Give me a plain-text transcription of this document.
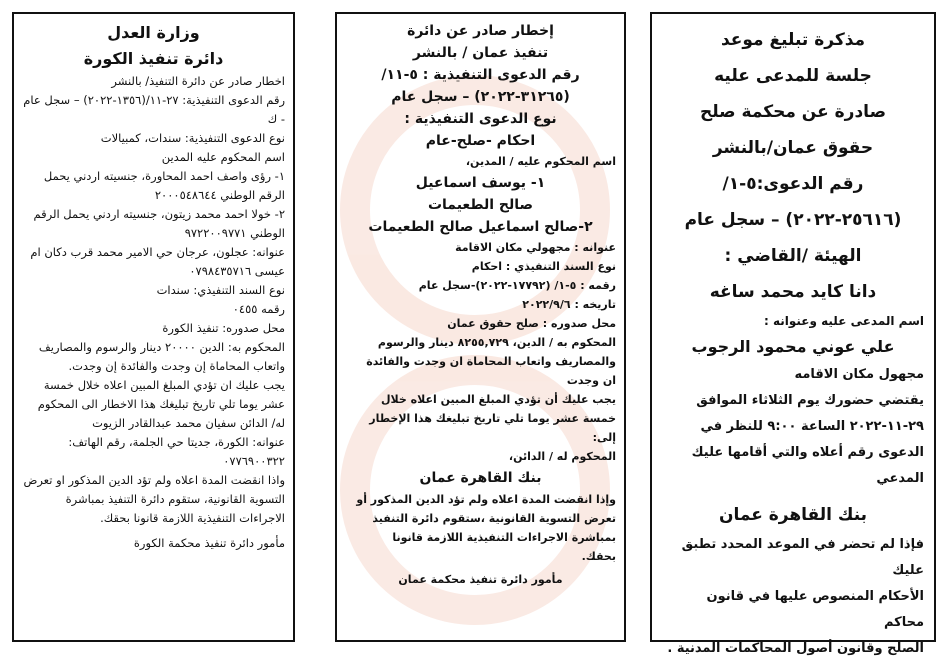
مذكرة تبليغ موعد
جلسة للمدعى عليه
صادرة عن محكمة صلح
حقوق عمان/بالنشر
رقم الدعوى:٥-١/
(٢٥٦١٦-٢٠٢٢) – سجل عام
الهيئة /القاضي :
دانا كايد محمد ساغه
اسم المدعى عليه وعنوانه :
علي عوني محمود الرجوب
مجهول مكان الاقامه
يقتضي حضورك يوم الثلاثاء الموافق
٢٩-١١-٢٠٢٢ الساعة ٩:٠٠ للنظر في
الدعوى رقم أعلاه والتي أقامها عليك
المدعي
بنك القاهرة عمان
فإذا لم تحضر في الموعد المحدد تطبق عليك
الأحكام المنصوص عليها في قانون محاكم
الصلح وقانون أصول المحاكمات المدنية .
إخطار صادر عن دائرة
تنفيذ عمان / بالنشر
رقم الدعوى التنفيذية : ٥-١١/
(٣١٢٦٥-٢٠٢٢) – سجل عام
نوع الدعوى التنفيذية :
احكام -صلح-عام
اسم المحكوم عليه / المدين،
١- يوسف اسماعيل
صالح الطعيمات
٢-صالح اسماعيل صالح الطعيمات
عنوانه : مجهولي مكان الاقامة
نوع السند التنفيذي : احكام
رقمه : ٥-١/ (١٧٧٩٢-٢٠٢٢)-سجل عام
تاريخه : ٢٠٢٢/٩/٦
محل صدوره : صلح حقوق عمان
المحكوم به / الدين، ٨٢٥٥,٧٢٩ دينار والرسوم
والمصاريف واتعاب المحاماة ان وجدت والفائدة
ان وجدت
يجب عليك أن تؤدي المبلغ المبين اعلاه خلال
خمسة عشر يوما تلي تاريخ تبليغك هذا الإخطار
إلى:
المحكوم له / الدائن،
بنك القاهرة عمان
وإذا انقضت المدة اعلاه ولم تؤد الدين المذكور أو
تعرض التسوية القانونية ،ستقوم دائرة التنفيذ
بمباشرة الاجراءات التنفيذية اللازمة قانونا
بحقك.
مأمور دائرة تنفيذ محكمة عمان
وزارة العدل
دائرة تنفيذ الكورة
اخطار صادر عن دائرة التنفيذ/ بالنشر
رقم الدعوى التنفيذية: ٢٧-١١/(١٣٥٦-٢٠٢٢) – سجل عام - ك
نوع الدعوى التنفيذية: سندات، كمبيالات
اسم المحكوم عليه المدين
١- رؤى واصف احمد المحاورة، جنسيته اردني يحمل الرقم الوطني ٢٠٠٠٥٤٨٦٤٤
٢- خولا احمد محمد زيتون، جنسيته اردني يحمل الرقم الوطني ٩٧٢٢٠٠٩٧٧١
عنوانه: عجلون، عرجان حي الامير محمد قرب دكان ام عيسى ٠٧٩٨٤٣٥٧١٦
نوع السند التنفيذي: سندات
رقمه ٠٤٥٥
محل صدوره: تنفيذ الكورة
المحكوم به: الدين ٢٠٠٠٠ دينار والرسوم والمصاريف واتعاب المحاماة إن وجدت والفائدة إن وجدت.
يجب عليك ان تؤدي المبلغ المبين اعلاه خلال خمسة عشر يوما تلي تاريخ تبليغك هذا الاخطار الى المحكوم له/ الدائن سفيان محمد عبدالقادر الزيوت
عنوانه: الكورة، جديتا حي الجلمة، رقم الهاتف: ٠٧٧٦٩٠٠٣٢٢
واذا انقضت المدة اعلاه ولم تؤد الدين المذكور او تعرض التسوية القانونية، ستقوم دائرة التنفيذ بمباشرة الاجراءات التنفيذية اللازمة قانونا بحقك.
مأمور دائرة تنفيذ محكمة الكورة
